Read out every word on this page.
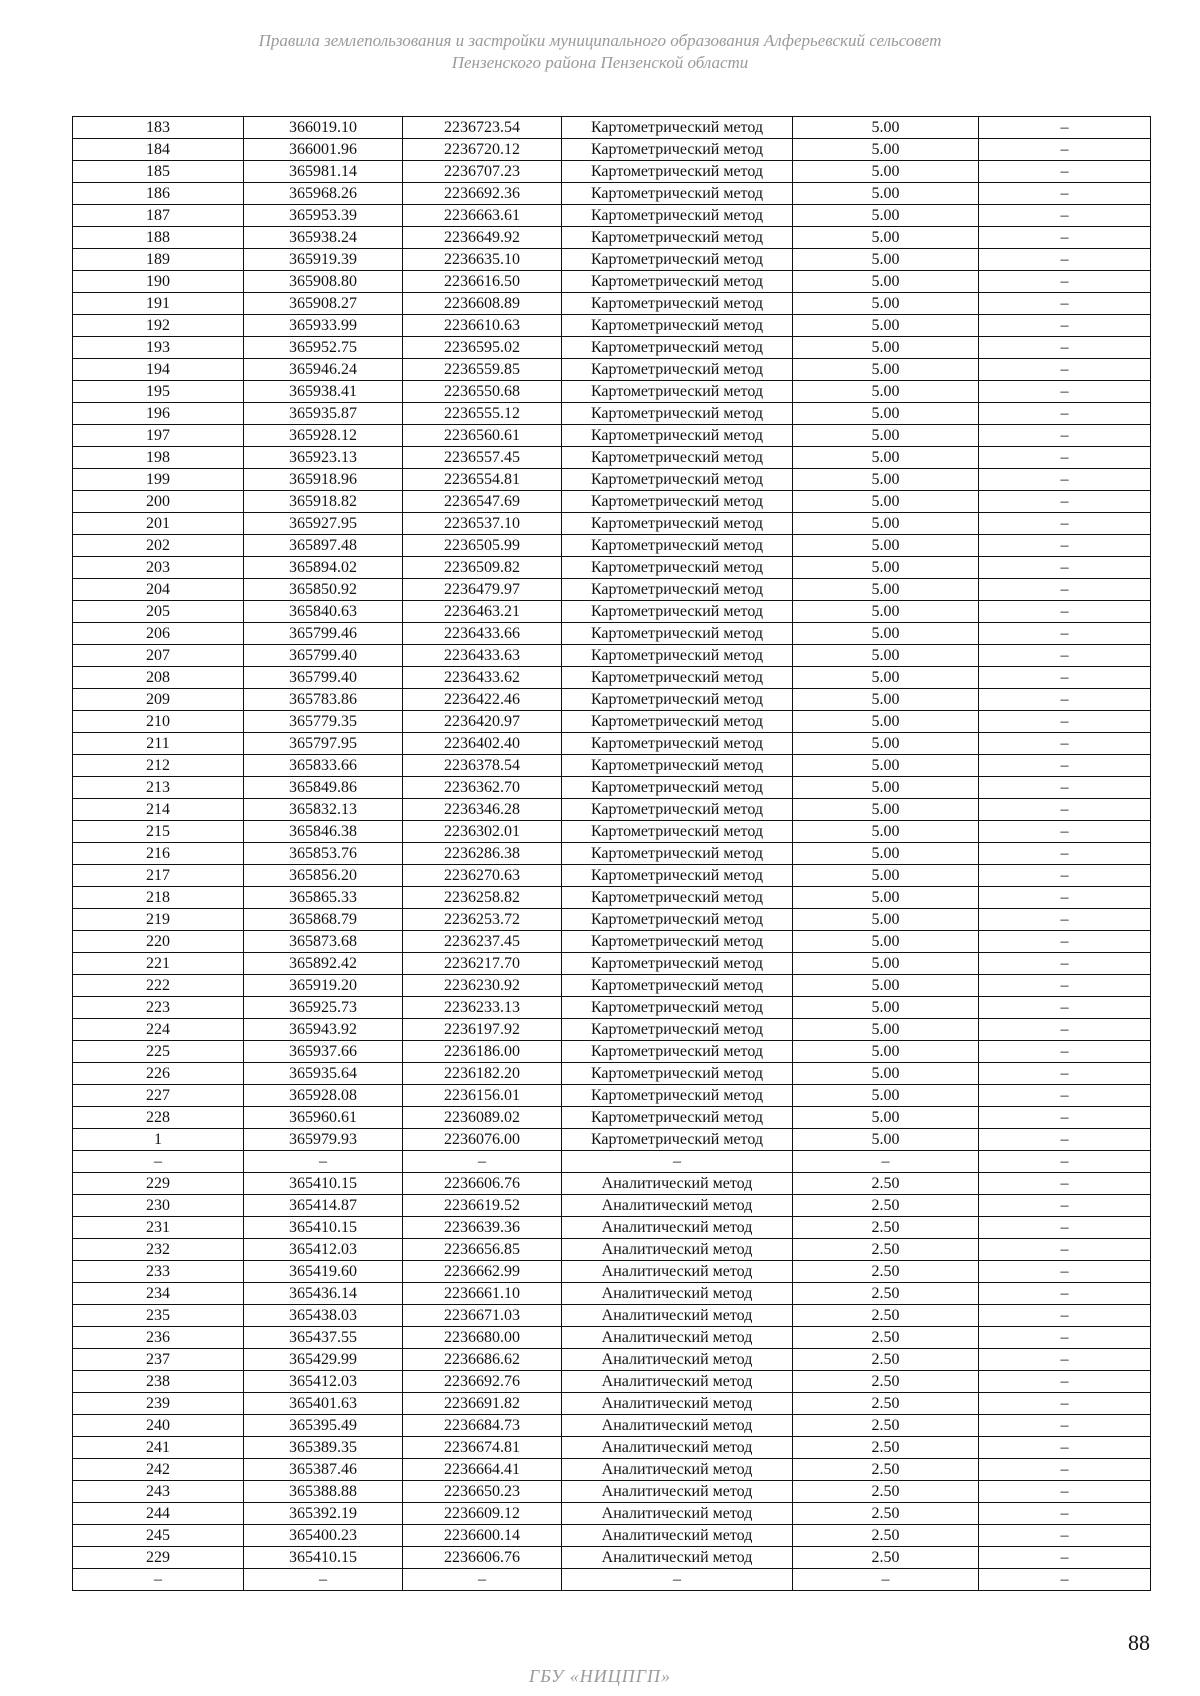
Правила землепользования и застройки муниципального образования Алферьевский сельсовет
Пензенского района Пензенской области
183	366019.10	2236723.54	Картометрический метод	5.00	–
184	366001.96	2236720.12	Картометрический метод	5.00	–
185	365981.14	2236707.23	Картометрический метод	5.00	–
186	365968.26	2236692.36	Картометрический метод	5.00	–
187	365953.39	2236663.61	Картометрический метод	5.00	–
188	365938.24	2236649.92	Картометрический метод	5.00	–
189	365919.39	2236635.10	Картометрический метод	5.00	–
190	365908.80	2236616.50	Картометрический метод	5.00	–
191	365908.27	2236608.89	Картометрический метод	5.00	–
192	365933.99	2236610.63	Картометрический метод	5.00	–
193	365952.75	2236595.02	Картометрический метод	5.00	–
194	365946.24	2236559.85	Картометрический метод	5.00	–
195	365938.41	2236550.68	Картометрический метод	5.00	–
196	365935.87	2236555.12	Картометрический метод	5.00	–
197	365928.12	2236560.61	Картометрический метод	5.00	–
198	365923.13	2236557.45	Картометрический метод	5.00	–
199	365918.96	2236554.81	Картометрический метод	5.00	–
200	365918.82	2236547.69	Картометрический метод	5.00	–
201	365927.95	2236537.10	Картометрический метод	5.00	–
202	365897.48	2236505.99	Картометрический метод	5.00	–
203	365894.02	2236509.82	Картометрический метод	5.00	–
204	365850.92	2236479.97	Картометрический метод	5.00	–
205	365840.63	2236463.21	Картометрический метод	5.00	–
206	365799.46	2236433.66	Картометрический метод	5.00	–
207	365799.40	2236433.63	Картометрический метод	5.00	–
208	365799.40	2236433.62	Картометрический метод	5.00	–
209	365783.86	2236422.46	Картометрический метод	5.00	–
210	365779.35	2236420.97	Картометрический метод	5.00	–
211	365797.95	2236402.40	Картометрический метод	5.00	–
212	365833.66	2236378.54	Картометрический метод	5.00	–
213	365849.86	2236362.70	Картометрический метод	5.00	–
214	365832.13	2236346.28	Картометрический метод	5.00	–
215	365846.38	2236302.01	Картометрический метод	5.00	–
216	365853.76	2236286.38	Картометрический метод	5.00	–
217	365856.20	2236270.63	Картометрический метод	5.00	–
218	365865.33	2236258.82	Картометрический метод	5.00	–
219	365868.79	2236253.72	Картометрический метод	5.00	–
220	365873.68	2236237.45	Картометрический метод	5.00	–
221	365892.42	2236217.70	Картометрический метод	5.00	–
222	365919.20	2236230.92	Картометрический метод	5.00	–
223	365925.73	2236233.13	Картометрический метод	5.00	–
224	365943.92	2236197.92	Картометрический метод	5.00	–
225	365937.66	2236186.00	Картометрический метод	5.00	–
226	365935.64	2236182.20	Картометрический метод	5.00	–
227	365928.08	2236156.01	Картометрический метод	5.00	–
228	365960.61	2236089.02	Картометрический метод	5.00	–
1	365979.93	2236076.00	Картометрический метод	5.00	–
–	–	–	–	–	–
229	365410.15	2236606.76	Аналитический метод	2.50	–
230	365414.87	2236619.52	Аналитический метод	2.50	–
231	365410.15	2236639.36	Аналитический метод	2.50	–
232	365412.03	2236656.85	Аналитический метод	2.50	–
233	365419.60	2236662.99	Аналитический метод	2.50	–
234	365436.14	2236661.10	Аналитический метод	2.50	–
235	365438.03	2236671.03	Аналитический метод	2.50	–
236	365437.55	2236680.00	Аналитический метод	2.50	–
237	365429.99	2236686.62	Аналитический метод	2.50	–
238	365412.03	2236692.76	Аналитический метод	2.50	–
239	365401.63	2236691.82	Аналитический метод	2.50	–
240	365395.49	2236684.73	Аналитический метод	2.50	–
241	365389.35	2236674.81	Аналитический метод	2.50	–
242	365387.46	2236664.41	Аналитический метод	2.50	–
243	365388.88	2236650.23	Аналитический метод	2.50	–
244	365392.19	2236609.12	Аналитический метод	2.50	–
245	365400.23	2236600.14	Аналитический метод	2.50	–
229	365410.15	2236606.76	Аналитический метод	2.50	–
–	–	–	–	–	–
88
ГБУ «НИЦПГП»
